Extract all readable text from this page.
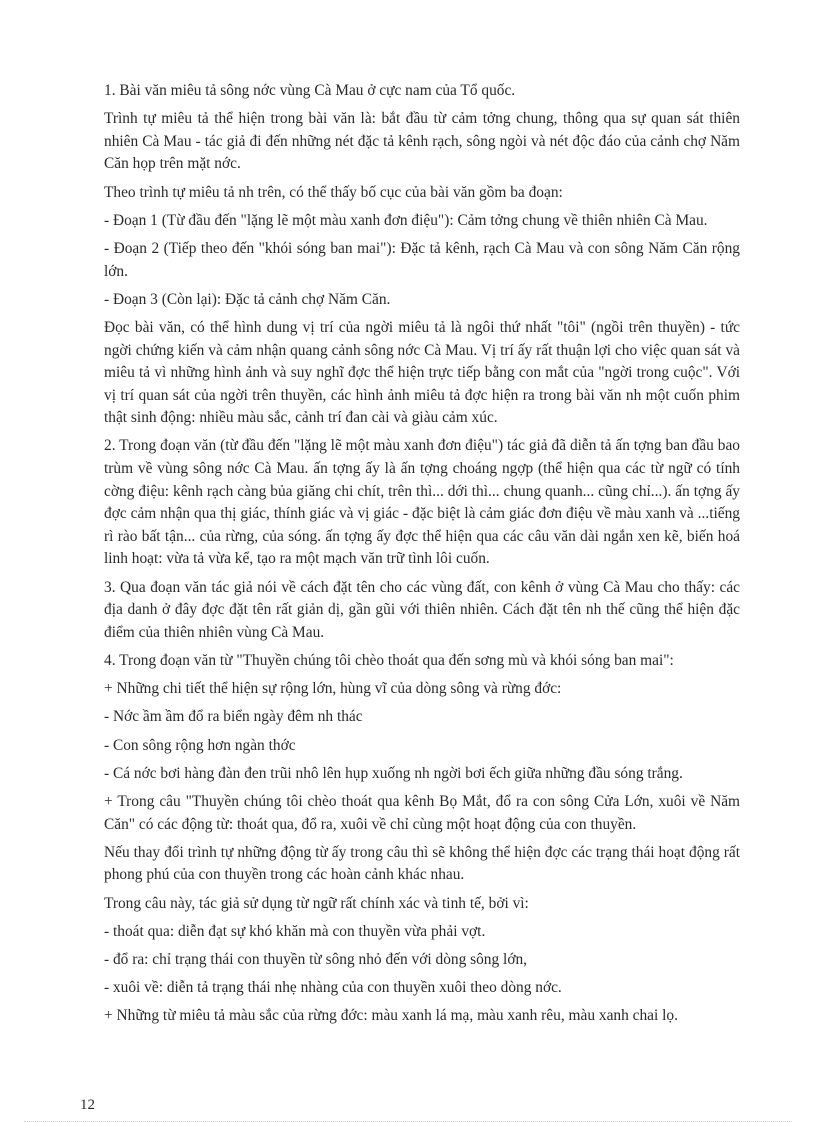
1. Bài văn miêu tả sông nớc vùng Cà Mau ở cực nam của Tổ quốc.

Trình tự miêu tả thể hiện trong bài văn là: bắt đầu từ cảm tởng chung, thông qua sự quan sát thiên nhiên Cà Mau - tác giả đi đến những nét đặc tả kênh rạch, sông ngòi và nét độc đáo của cảnh chợ Năm Căn họp trên mặt nớc.

Theo trình tự miêu tả nh trên, có thể thấy bố cục của bài văn gồm ba đoạn:

- Đoạn 1 (Từ đầu đến "lặng lẽ một màu xanh đơn điệu"): Cảm tởng chung về thiên nhiên Cà Mau.

- Đoạn 2 (Tiếp theo đến "khói sóng ban mai"): Đặc tả kênh, rạch Cà Mau và con sông Năm Căn rộng lớn.

- Đoạn 3 (Còn lại): Đặc tả cảnh chợ Năm Căn.

Đọc bài văn, có thể hình dung vị trí của ngời miêu tả là ngôi thứ nhất "tôi" (ngồi trên thuyền) - tức ngời chứng kiến và cảm nhận quang cảnh sông nớc Cà Mau. Vị trí ấy rất thuận lợi cho việc quan sát và miêu tả vì những hình ảnh và suy nghĩ đợc thể hiện trực tiếp bằng con mắt của "ngời trong cuộc". Với vị trí quan sát của ngời trên thuyền, các hình ảnh miêu tả đợc hiện ra trong bài văn nh một cuốn phim thật sinh động: nhiều màu sắc, cảnh trí đan cài và giàu cảm xúc.

2. Trong đoạn văn (từ đầu đến "lặng lẽ một màu xanh đơn điệu") tác giả đã diễn tả ấn tợng ban đầu bao trùm về vùng sông nớc Cà Mau. ấn tợng ấy là ấn tợng choáng ngợp (thể hiện qua các từ ngữ có tính cờng điệu: kênh rạch càng bủa giăng chi chít, trên thì... dới thì... chung quanh... cũng chỉ...). ấn tợng ấy đợc cảm nhận qua thị giác, thính giác và vị giác - đặc biệt là cảm giác đơn điệu về màu xanh và ...tiếng rì rào bất tận... của rừng, của sóng. ấn tợng ấy đợc thể hiện qua các câu văn dài ngắn xen kẽ, biến hoá linh hoạt: vừa tả vừa kể, tạo ra một mạch văn trữ tình lôi cuốn.

3. Qua đoạn văn tác giả nói về cách đặt tên cho các vùng đất, con kênh ở vùng Cà Mau cho thấy: các địa danh ở đây đợc đặt tên rất giản dị, gần gũi với thiên nhiên. Cách đặt tên nh thế cũng thể hiện đặc điểm của thiên nhiên vùng Cà Mau.

4. Trong đoạn văn từ "Thuyền chúng tôi chèo thoát qua đến sơng mù và khói sóng ban mai":

+ Những chi tiết thể hiện sự rộng lớn, hùng vĩ của dòng sông và rừng đớc:

- Nớc ầm ầm đổ ra biển ngày đêm nh thác

- Con sông rộng hơn ngàn thớc

- Cá nớc bơi hàng đàn đen trũi nhô lên hụp xuống nh ngời bơi ếch giữa những đầu sóng trắng.

+ Trong câu "Thuyền chúng tôi chèo thoát qua kênh Bọ Mắt, đổ ra con sông Cửa Lớn, xuôi về Năm Căn" có các động từ: thoát qua, đổ ra, xuôi về chỉ cùng một hoạt động của con thuyền.

Nếu thay đổi trình tự những động từ ấy trong câu thì sẽ không thể hiện đợc các trạng thái hoạt động rất phong phú của con thuyền trong các hoàn cảnh khác nhau.

Trong câu này, tác giả sử dụng từ ngữ rất chính xác và tinh tế, bởi vì:

- thoát qua: diễn đạt sự khó khăn mà con thuyền vừa phải vợt.

- đổ ra: chỉ trạng thái con thuyền từ sông nhỏ đến với dòng sông lớn,

- xuôi về: diễn tả trạng thái nhẹ nhàng của con thuyền xuôi theo dòng nớc.

+ Những từ miêu tả màu sắc của rừng đớc: màu xanh lá mạ, màu xanh rêu, màu xanh chai lọ.

12
